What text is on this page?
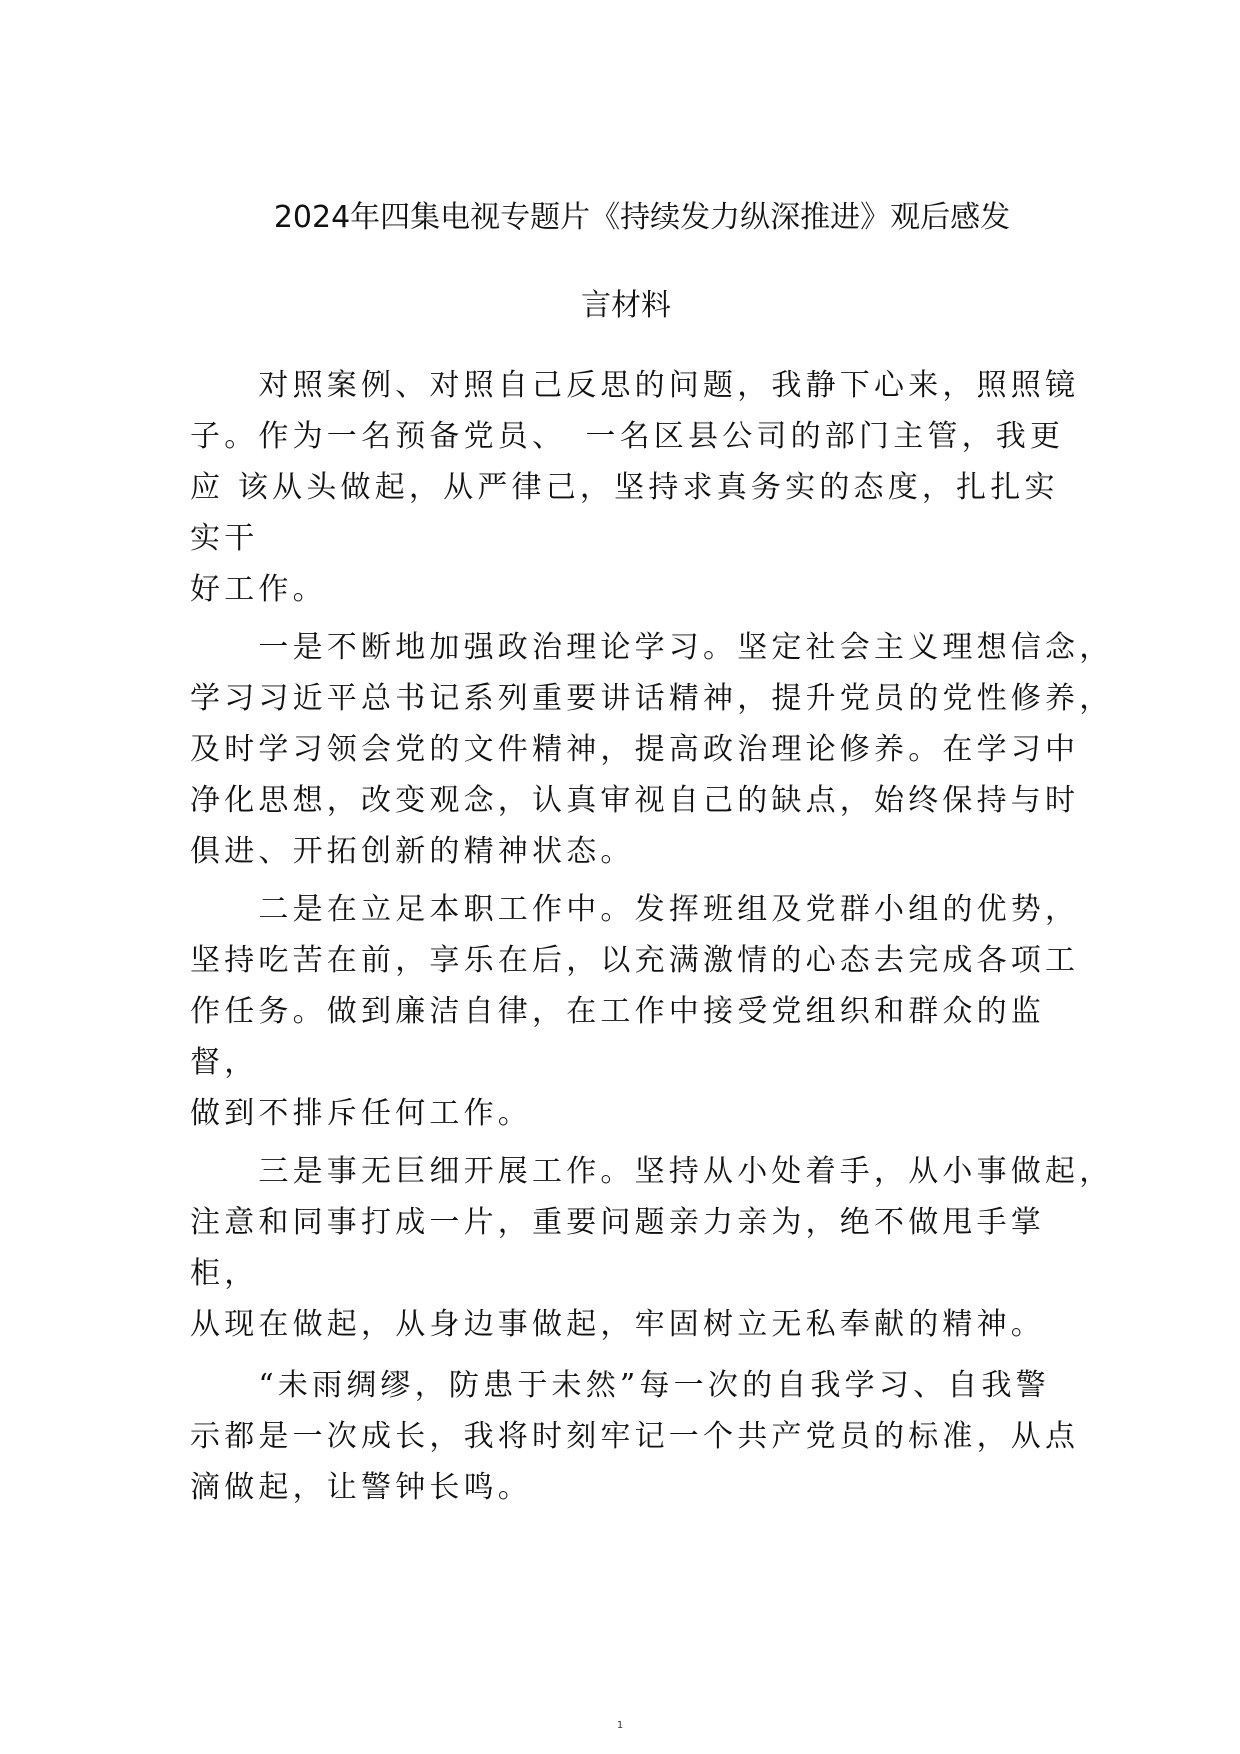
2024年四集电视专题片《持续发力纵深推进》观后感发
言材料
　　对照案例、对照自己反思的问题，我静下心来，照照镜
子。作为一名预备党员、　一名区县公司的部门主管，我更
应 该从头做起，从严律己，坚持求真务实的态度，扎扎实
实干
好工作。
　　一是不断地加强政治理论学习。坚定社会主义理想信念，
学习习近平总书记系列重要讲话精神，提升党员的党性修养，
及时学习领会党的文件精神，提高政治理论修养。在学习中
净化思想，改变观念，认真审视自己的缺点，始终保持与时
俱进、开拓创新的精神状态。
　　二是在立足本职工作中。发挥班组及党群小组的优势，
坚持吃苦在前，享乐在后，以充满激情的心态去完成各项工
作任务。做到廉洁自律，在工作中接受党组织和群众的监
督，
做到不排斥任何工作。
　　三是事无巨细开展工作。坚持从小处着手，从小事做起，
注意和同事打成一片，重要问题亲力亲为，绝不做甩手掌
柜，
从现在做起，从身边事做起，牢固树立无私奉献的精神。
　　“未雨绸缪，防患于未然”每一次的自我学习、自我警
示都是一次成长，我将时刻牢记一个共产党员的标准，从点
滴做起，让警钟长鸣。
1
